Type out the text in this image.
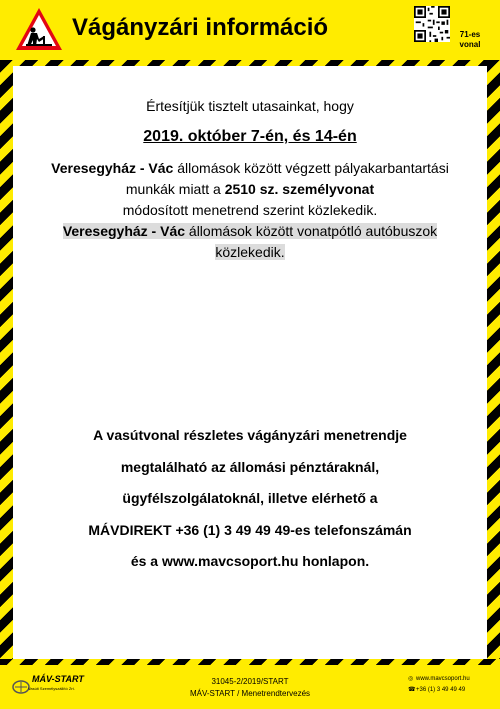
Vágányzári információ	71-es
vonal
Értesítjük tisztelt utasainkat, hogy
2019. október 7-én, és 14-én
Veresegyház - Vác állomások között végzett pályakarbantartási
munkák miatt a 2510 sz. személyvonat
módosított menetrend szerint közlekedik.
Veresegyház - Vác állomások között vonatpótló autóbuszok
közlekedik.
A vasútvonal részletes vágányzári menetrendje
megtalálható az állomási pénztáraknál,
ügyfélszolgálatoknál, illetve elérhető a
MÁVDIREKT +36 (1) 3 49 49 49-es telefonszámán
és a www.mavcsoport.hu honlapon.
MÁV-START
Vasúti Személyszállító Zrt.
31045-2/2019/START
MÁV-START / Menetrendtervezés
◎ www.mavcsoport.hu
☎+36 (1) 3 49 49 49
